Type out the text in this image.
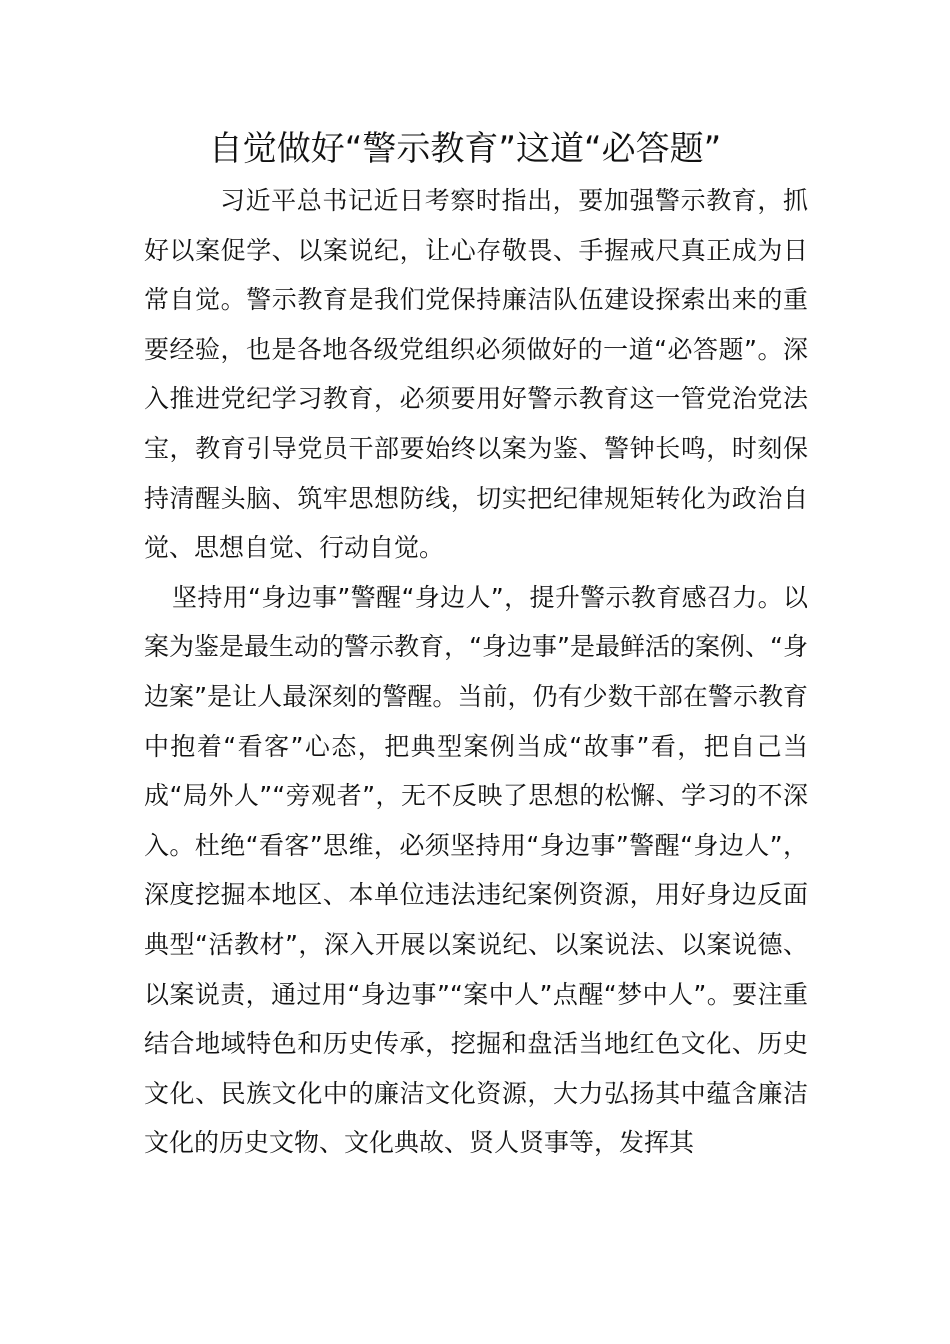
自觉做好“警示教育”这道“必答题”

习近平总书记近日考察时指出，要加强警示教育，抓好以案促学、以案说纪，让心存敬畏、手握戒尺真正成为日常自觉。警示教育是我们党保持廉洁队伍建设探索出来的重要经验，也是各地各级党组织必须做好的一道“必答题”。深入推进党纪学习教育，必须要用好警示教育这一管党治党法宝，教育引导党员干部要始终以案为鉴、警钟长鸣，时刻保持清醒头脑、筑牢思想防线，切实把纪律规矩转化为政治自觉、思想自觉、行动自觉。

坚持用“身边事”警醒“身边人”，提升警示教育感召力。以案为鉴是最生动的警示教育，“身边事”是最鲜活的案例、“身边案”是让人最深刻的警醒。当前，仍有少数干部在警示教育中抱着“看客”心态，把典型案例当成“故事”看，把自己当成“局外人”“旁观者”，无不反映了思想的松懈、学习的不深入。杜绝“看客”思维，必须坚持用“身边事”警醒“身边人”，深度挖掘本地区、本单位违法违纪案例资源，用好身边反面典型“活教材”，深入开展以案说纪、以案说法、以案说德、以案说责，通过用“身边事”“案中人”点醒“梦中人”。要注重结合地域特色和历史传承，挖掘和盘活当地红色文化、历史文化、民族文化中的廉洁文化资源，大力弘扬其中蕴含廉洁文化的历史文物、文化典故、贤人贤事等，发挥其
